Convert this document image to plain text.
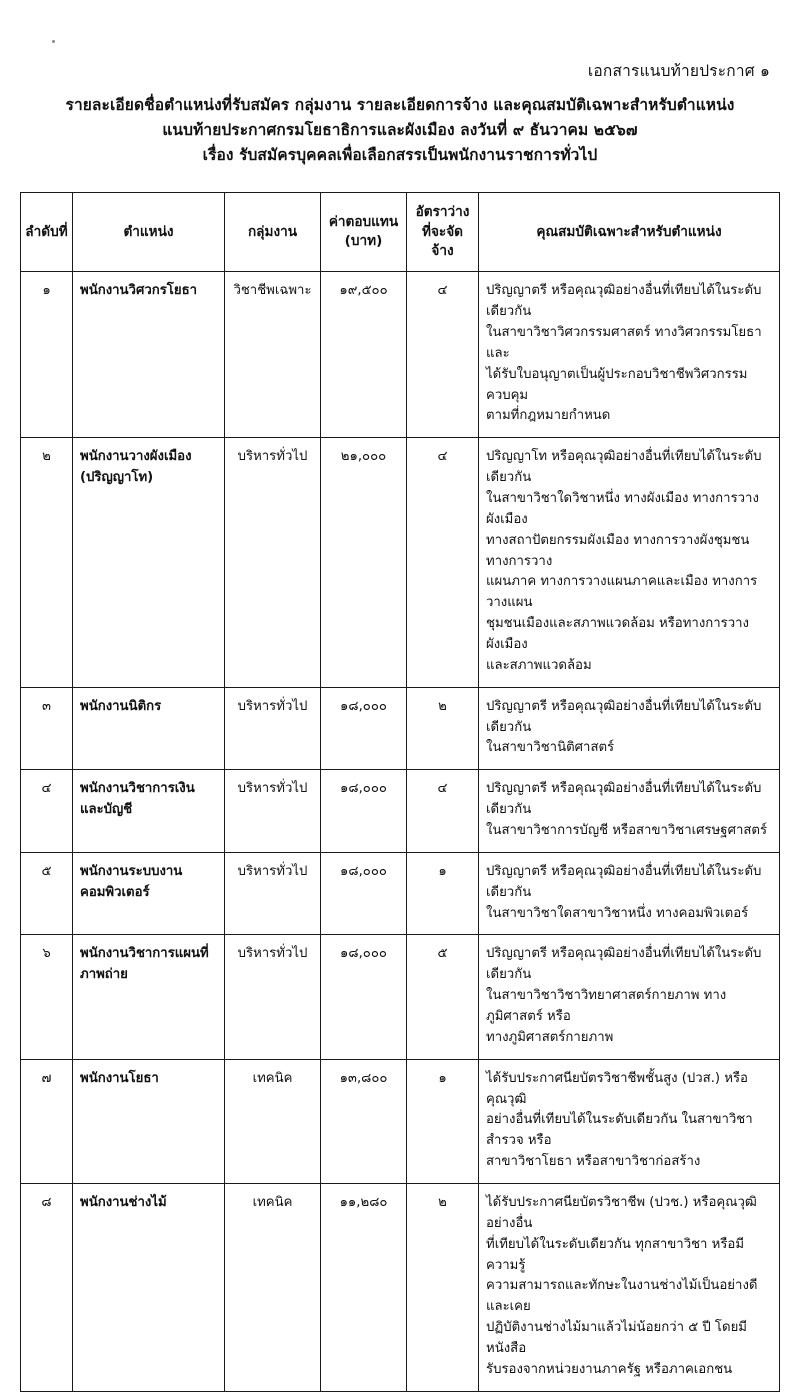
เอกสารแนบท้ายประกาศ ๑
รายละเอียดชื่อตำแหน่งที่รับสมัคร กลุ่มงาน รายละเอียดการจ้าง และคุณสมบัติเฉพาะสำหรับตำแหน่ง
แนบท้ายประกาศกรมโยธาธิการและผังเมือง ลงวันที่ ๙ ธันวาคม ๒๕๖๗
เรื่อง รับสมัครบุคคลเพื่อเลือกสรรเป็นพนักงานราชการทั่วไป
ลำดับที่	ตำแหน่ง	กลุ่มงาน	ค่าตอบแทน
(บาท)	อัตราว่าง
ที่จะจัดจ้าง	คุณสมบัติเฉพาะสำหรับตำแหน่ง
๑	พนักงานวิศวกรโยธา	วิชาชีพเฉพาะ	๑๙,๕๐๐	๔	ปริญญาตรี หรือคุณวุฒิอย่างอื่นที่เทียบได้ในระดับเดียวกัน
ในสาขาวิชาวิศวกรรมศาสตร์ ทางวิศวกรรมโยธา และ
ได้รับใบอนุญาตเป็นผู้ประกอบวิชาชีพวิศวกรรมควบคุม
ตามที่กฎหมายกำหนด

๒	พนักงานวางผังเมือง
(ปริญญาโท)
	บริหารทั่วไป	๒๑,๐๐๐	๔	ปริญญาโท หรือคุณวุฒิอย่างอื่นที่เทียบได้ในระดับเดียวกัน
ในสาขาวิชาใดวิชาหนึ่ง ทางผังเมือง ทางการวางผังเมือง
ทางสถาปัตยกรรมผังเมือง ทางการวางผังชุมชน ทางการวาง
แผนภาค ทางการวางแผนภาคและเมือง ทางการวางแผน
ชุมชนเมืองและสภาพแวดล้อม หรือทางการวางผังเมือง
และสภาพแวดล้อม

๓	พนักงานนิติกร	บริหารทั่วไป	๑๘,๐๐๐	๒	ปริญญาตรี หรือคุณวุฒิอย่างอื่นที่เทียบได้ในระดับเดียวกัน
ในสาขาวิชานิติศาสตร์

๔	พนักงานวิชาการเงินและบัญชี	บริหารทั่วไป	๑๘,๐๐๐	๔	ปริญญาตรี หรือคุณวุฒิอย่างอื่นที่เทียบได้ในระดับเดียวกัน
ในสาขาวิชาการบัญชี หรือสาขาวิชาเศรษฐศาสตร์

๕	พนักงานระบบงาน
คอมพิวเตอร์	บริหารทั่วไป	๑๘,๐๐๐	๑	ปริญญาตรี หรือคุณวุฒิอย่างอื่นที่เทียบได้ในระดับเดียวกัน
ในสาขาวิชาใดสาขาวิชาหนึ่ง ทางคอมพิวเตอร์

๖	พนักงานวิชาการแผนที่
ภาพถ่าย	บริหารทั่วไป	๑๘,๐๐๐	๕	ปริญญาตรี หรือคุณวุฒิอย่างอื่นที่เทียบได้ในระดับเดียวกัน
ในสาขาวิชาวิชาวิทยาศาสตร์กายภาพ ทางภูมิศาสตร์ หรือ
ทางภูมิศาสตร์กายภาพ

๗	พนักงานโยธา	เทคนิค	๑๓,๘๐๐	๑	ได้รับประกาศนียบัตรวิชาชีพชั้นสูง (ปวส.) หรือคุณวุฒิ
อย่างอื่นที่เทียบได้ในระดับเดียวกัน ในสาขาวิชาสำรวจ หรือ
สาขาวิชาโยธา หรือสาขาวิชาก่อสร้าง

๘	พนักงานช่างไม้	เทคนิค	๑๑,๒๘๐	๒	ได้รับประกาศนียบัตรวิชาชีพ (ปวช.) หรือคุณวุฒิอย่างอื่น
ที่เทียบได้ในระดับเดียวกัน ทุกสาขาวิชา หรือมีความรู้
ความสามารถและทักษะในงานช่างไม้เป็นอย่างดี และเคย
ปฏิบัติงานช่างไม้มาแล้วไม่น้อยกว่า ๕ ปี โดยมีหนังสือ
รับรองจากหน่วยงานภาครัฐ หรือภาคเอกชน
